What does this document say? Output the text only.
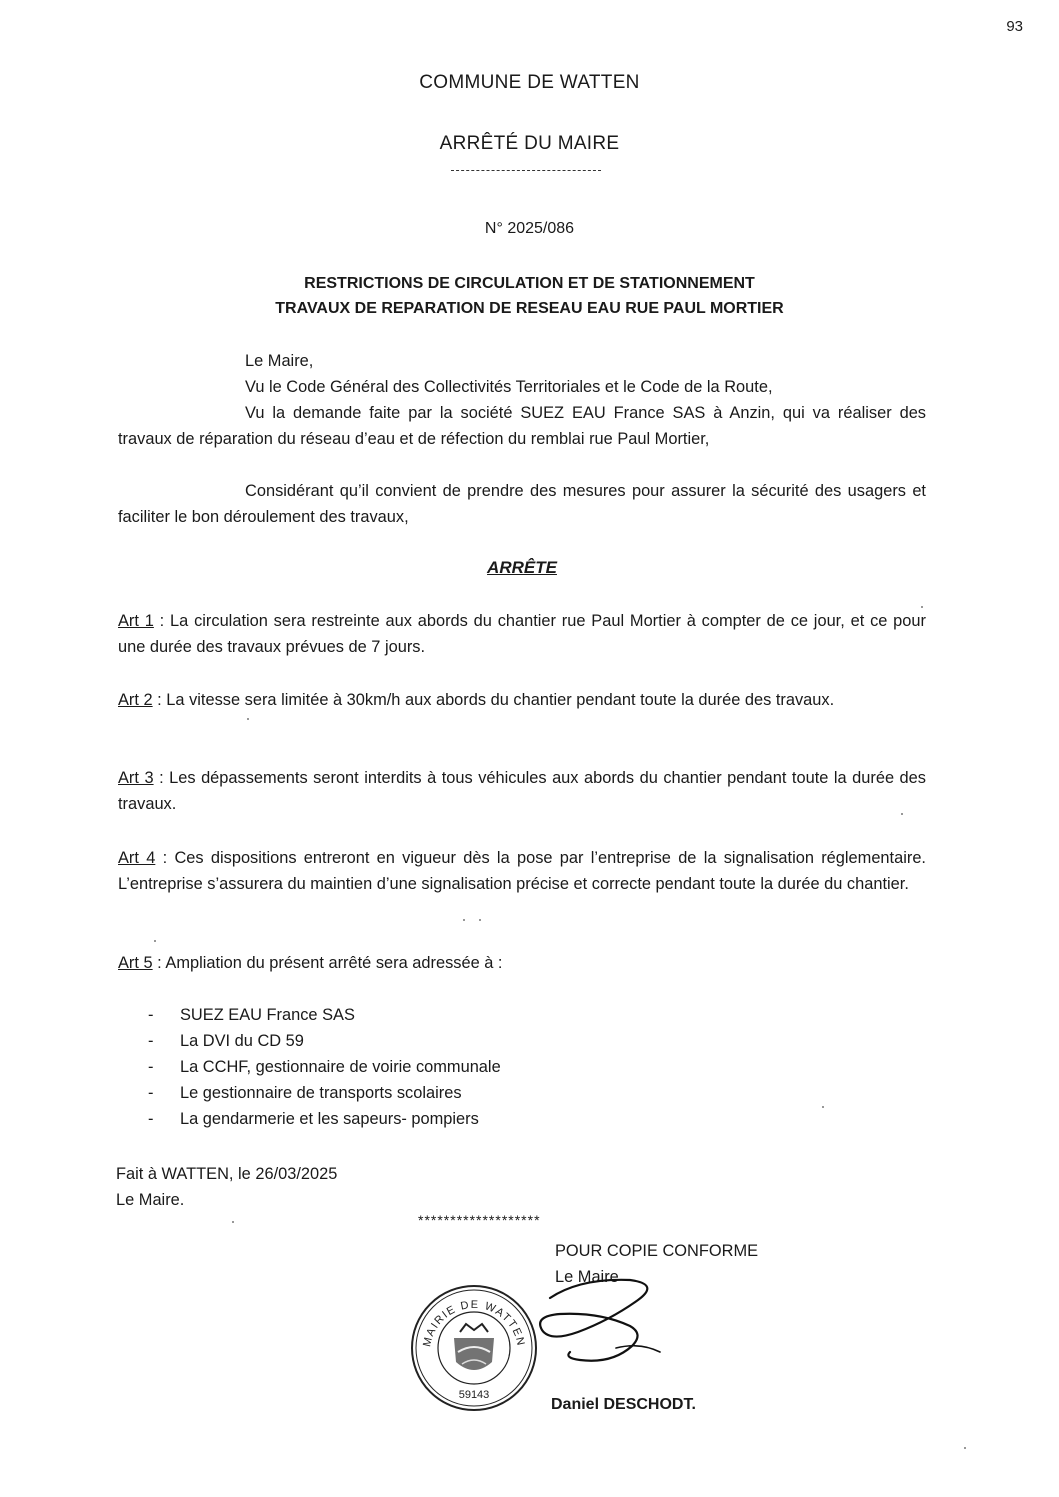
93
COMMUNE DE WATTEN
ARRÊTÉ DU MAIRE
N° 2025/086
RESTRICTIONS DE CIRCULATION ET DE STATIONNEMENT
TRAVAUX DE REPARATION DE RESEAU EAU RUE PAUL MORTIER
Le Maire,
Vu le Code Général des Collectivités Territoriales et le Code de la Route,
Vu la demande faite par la société SUEZ EAU France SAS à Anzin, qui va réaliser des travaux de réparation du réseau d’eau et de réfection du remblai rue Paul Mortier,
Considérant qu’il convient de prendre des mesures pour assurer la sécurité des usagers et faciliter le bon déroulement des travaux,
ARRÊTE
Art 1 : La circulation sera restreinte aux abords du chantier rue Paul Mortier à compter de ce jour, et ce pour une durée des travaux prévues de 7 jours.
Art 2 : La vitesse sera limitée à 30km/h aux abords du chantier pendant toute la durée des travaux.
Art 3 : Les dépassements seront interdits à tous véhicules aux abords du chantier pendant toute la durée des travaux.
Art 4 : Ces dispositions entreront en vigueur dès la pose par l’entreprise de la signalisation réglementaire. L’entreprise s’assurera du maintien d’une signalisation précise et correcte pendant toute la durée du chantier.
Art 5 : Ampliation du présent arrêté sera adressée à :
- SUEZ EAU France SAS
- La DVI du CD 59
- La CCHF, gestionnaire de voirie communale
- Le gestionnaire de transports scolaires
- La gendarmerie et les sapeurs- pompiers
Fait à WATTEN, le 26/03/2025
Le Maire.
*******************
POUR COPIE CONFORME
Le Maire
MAIRIE DE WATTEN
59143
Daniel DESCHODT.
